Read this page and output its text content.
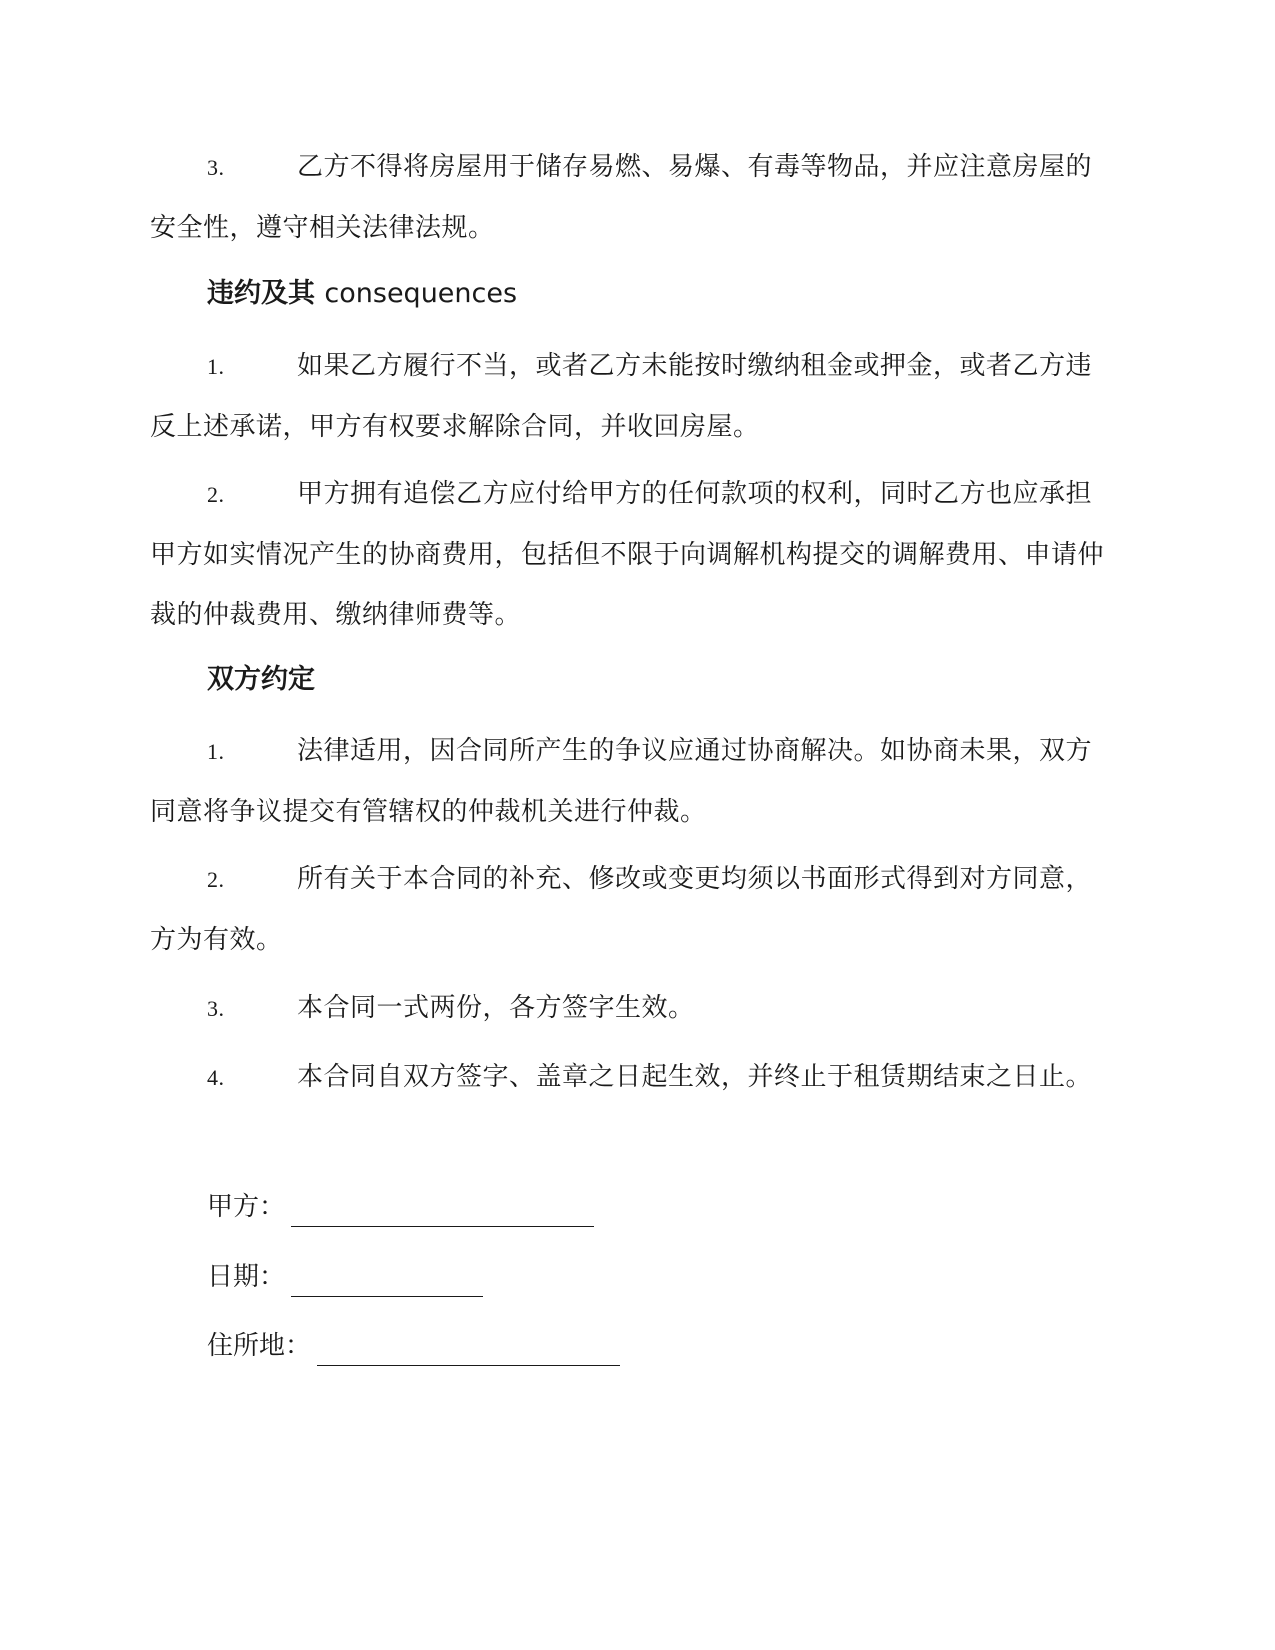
3.	乙方不得将房屋用于储存易燃、易爆、有毒等物品，并应注意房屋的安全性，遵守相关法律法规。

违约及其 consequences

1.	如果乙方履行不当，或者乙方未能按时缴纳租金或押金，或者乙方违反上述承诺，甲方有权要求解除合同，并收回房屋。

2.	甲方拥有追偿乙方应付给甲方的任何款项的权利，同时乙方也应承担甲方如实情况产生的协商费用，包括但不限于向调解机构提交的调解费用、申请仲裁的仲裁费用、缴纳律师费等。

双方约定

1.	法律适用，因合同所产生的争议应通过协商解决。如协商未果，双方同意将争议提交有管辖权的仲裁机关进行仲裁。

2.	所有关于本合同的补充、修改或变更均须以书面形式得到对方同意，方为有效。

3.	本合同一式两份，各方签字生效。

4.	本合同自双方签字、盖章之日起生效，并终止于租赁期结束之日止。

甲方：

日期：

住所地：
